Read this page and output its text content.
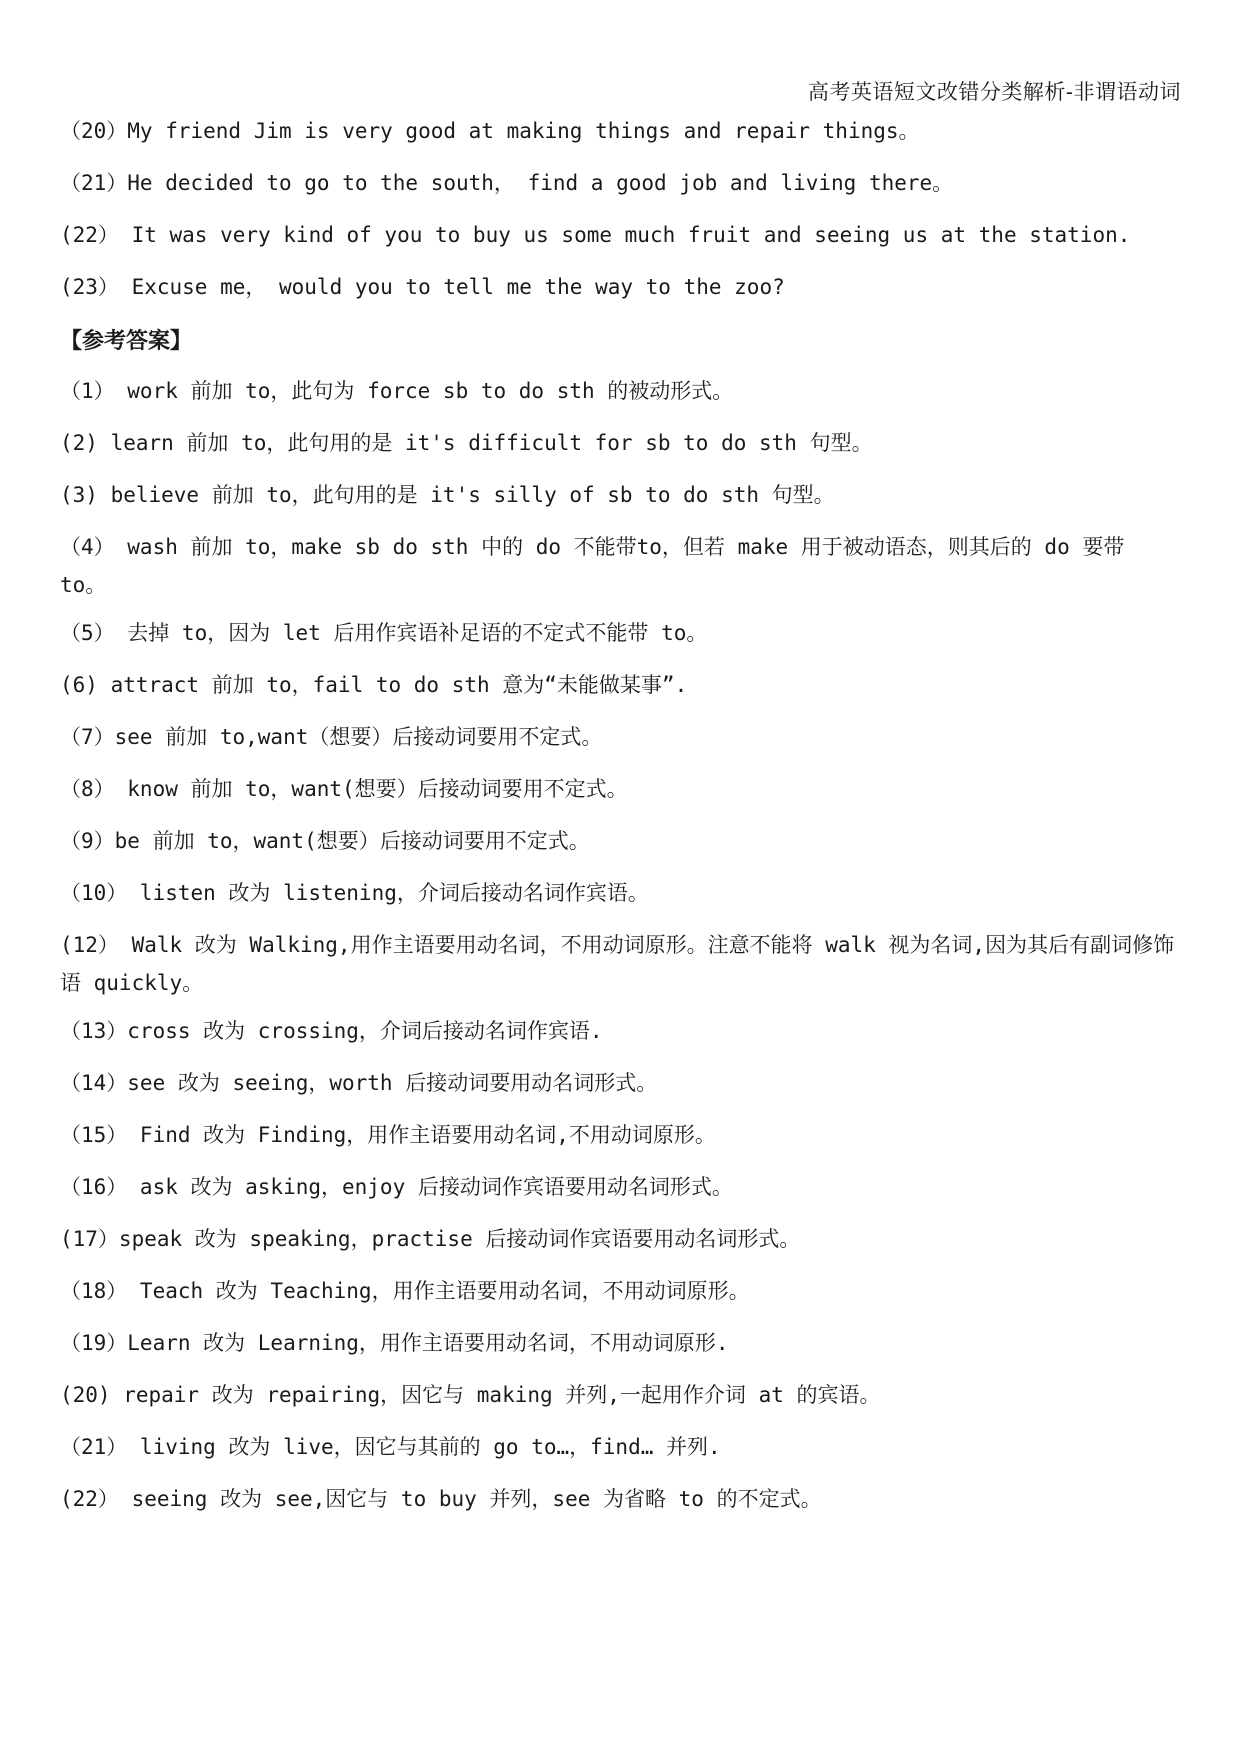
高考英语短文改错分类解析-非谓语动词
（20）My friend Jim is very good at making things and repair things。
（21）He decided to go to the south， find a good job and living there。
(22） It was very kind of you to buy us some much fruit and seeing us at the station.
(23） Excuse me， would you to tell me the way to the zoo?
【参考答案】
（1） work 前加 to，此句为 force sb to do sth 的被动形式。
(2) learn 前加 to，此句用的是 it's difficult for sb to do sth 句型。
(3) believe 前加 to，此句用的是 it's silly of sb to do sth 句型。
（4） wash 前加 to，make sb do sth 中的 do 不能带to，但若 make 用于被动语态，则其后的 do 要带 to。
（5） 去掉 to，因为 let 后用作宾语补足语的不定式不能带 to。
(6) attract 前加 to，fail to do sth 意为“未能做某事”.
（7）see 前加 to,want（想要）后接动词要用不定式。
（8） know 前加 to，want(想要）后接动词要用不定式。
（9）be 前加 to，want(想要）后接动词要用不定式。
（10） listen 改为 listening，介词后接动名词作宾语。
(12） Walk 改为 Walking,用作主语要用动名词，不用动词原形。注意不能将 walk 视为名词,因为其后有副词修饰语 quickly。
（13）cross 改为 crossing，介词后接动名词作宾语.
（14）see 改为 seeing，worth 后接动词要用动名词形式。
（15） Find 改为 Finding，用作主语要用动名词,不用动词原形。
（16） ask 改为 asking，enjoy 后接动词作宾语要用动名词形式。
(17）speak 改为 speaking，practise 后接动词作宾语要用动名词形式。
（18） Teach 改为 Teaching，用作主语要用动名词，不用动词原形。
（19）Learn 改为 Learning，用作主语要用动名词，不用动词原形.
(20) repair 改为 repairing，因它与 making 并列,一起用作介词 at 的宾语。
（21） living 改为 live，因它与其前的 go to…，find… 并列.
(22） seeing 改为 see,因它与 to buy 并列，see 为省略 to 的不定式。
